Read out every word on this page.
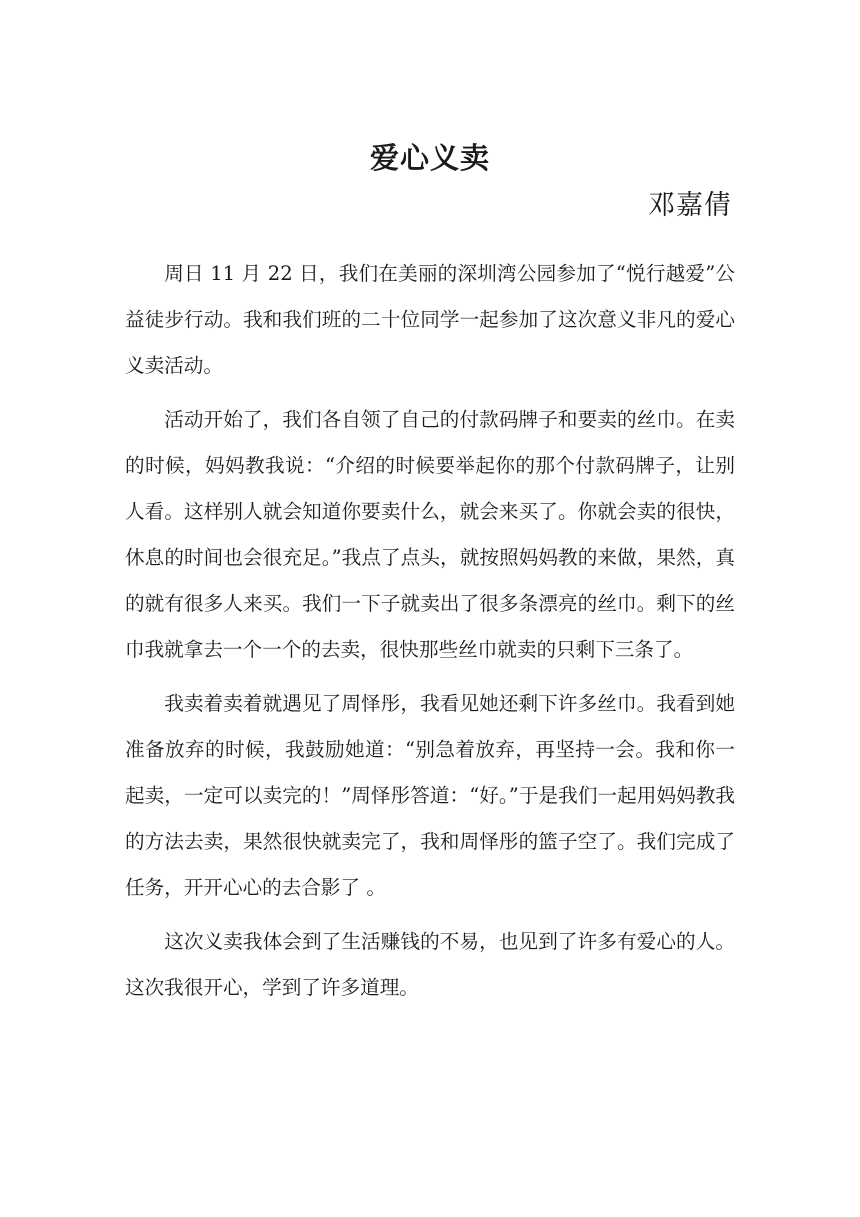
爱心义卖
邓嘉倩

周日 11 月 22 日，我们在美丽的深圳湾公园参加了“悦行越爱”公益徒步行动。我和我们班的二十位同学一起参加了这次意义非凡的爱心义卖活动。

活动开始了，我们各自领了自己的付款码牌子和要卖的丝巾。在卖的时候，妈妈教我说：“介绍的时候要举起你的那个付款码牌子，让别人看。这样别人就会知道你要卖什么，就会来买了。你就会卖的很快，休息的时间也会很充足。”我点了点头，就按照妈妈教的来做，果然，真的就有很多人来买。我们一下子就卖出了很多条漂亮的丝巾。剩下的丝巾我就拿去一个一个的去卖，很快那些丝巾就卖的只剩下三条了。

我卖着卖着就遇见了周怿彤，我看见她还剩下许多丝巾。我看到她准备放弃的时候，我鼓励她道：“别急着放弃，再坚持一会。我和你一起卖，一定可以卖完的！”周怿彤答道：“好。”于是我们一起用妈妈教我的方法去卖，果然很快就卖完了，我和周怿彤的篮子空了。我们完成了任务，开开心心的去合影了 。

这次义卖我体会到了生活赚钱的不易，也见到了许多有爱心的人。这次我很开心，学到了许多道理。
